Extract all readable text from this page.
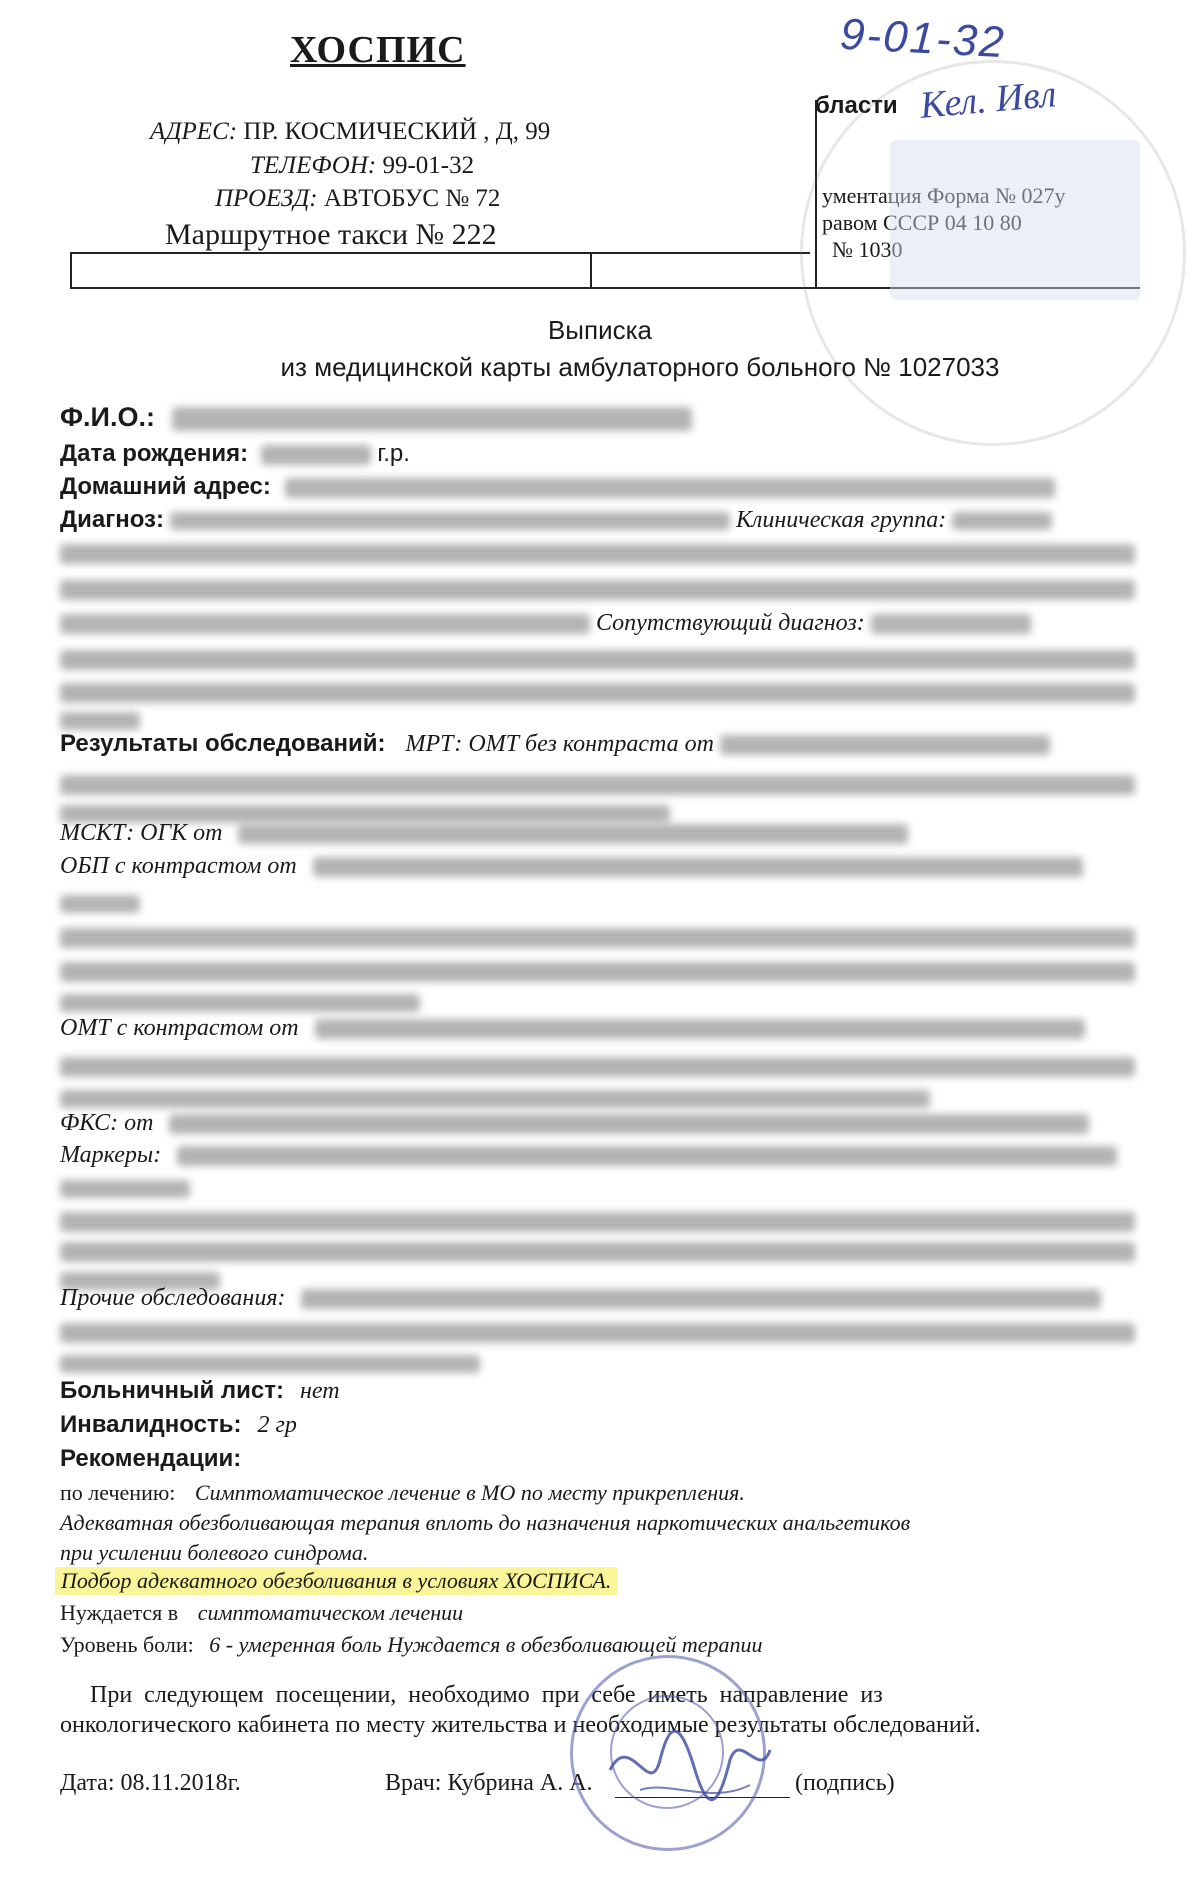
ХОСПИС
АДРЕС: ПР. КОСМИЧЕСКИЙ , Д, 99
ТЕЛЕФОН: 99-01-32
ПРОЕЗД: АВТОБУС № 72
Маршрутное такси № 222
бласти
ументация Форма № 027у
равом СССР 04 10 80
№ 1030
9-01-32
Кел. Ивл
Выписка
из медицинской карты амбулаторного больного № 1027033
Ф.И.О.:
Дата рождения:	г.р.
Домашний адрес:
Диагноз:	Клиническая группа:
Сопутствующий диагноз:
Результаты обследований: МРТ: ОМТ без контраста от
МСКТ: ОГК от
ОБП с контрастом от
ОМТ с контрастом от
ФКС: от
Маркеры:
Прочие обследования:
Больничный лист: нет
Инвалидность: 2 гр
Рекомендации:
по лечению: Симптоматическое лечение в МО по месту прикрепления.
Адекватная обезболивающая терапия вплоть до назначения наркотических анальгетиков
при усилении болевого синдрома.
Подбор адекватного обезболивания в условиях ХОСПИСА.
Нуждается в симптоматическом лечении
Уровень боли: 6 - умеренная боль Нуждается в обезболивающей терапии
При  следующем  посещении,  необходимо  при  себе  иметь  направление  из
онкологического кабинета по месту жительства и необходимые результаты обследований.
Дата: 08.11.2018г.	Врач: Кубрина А. А.	(подпись)
